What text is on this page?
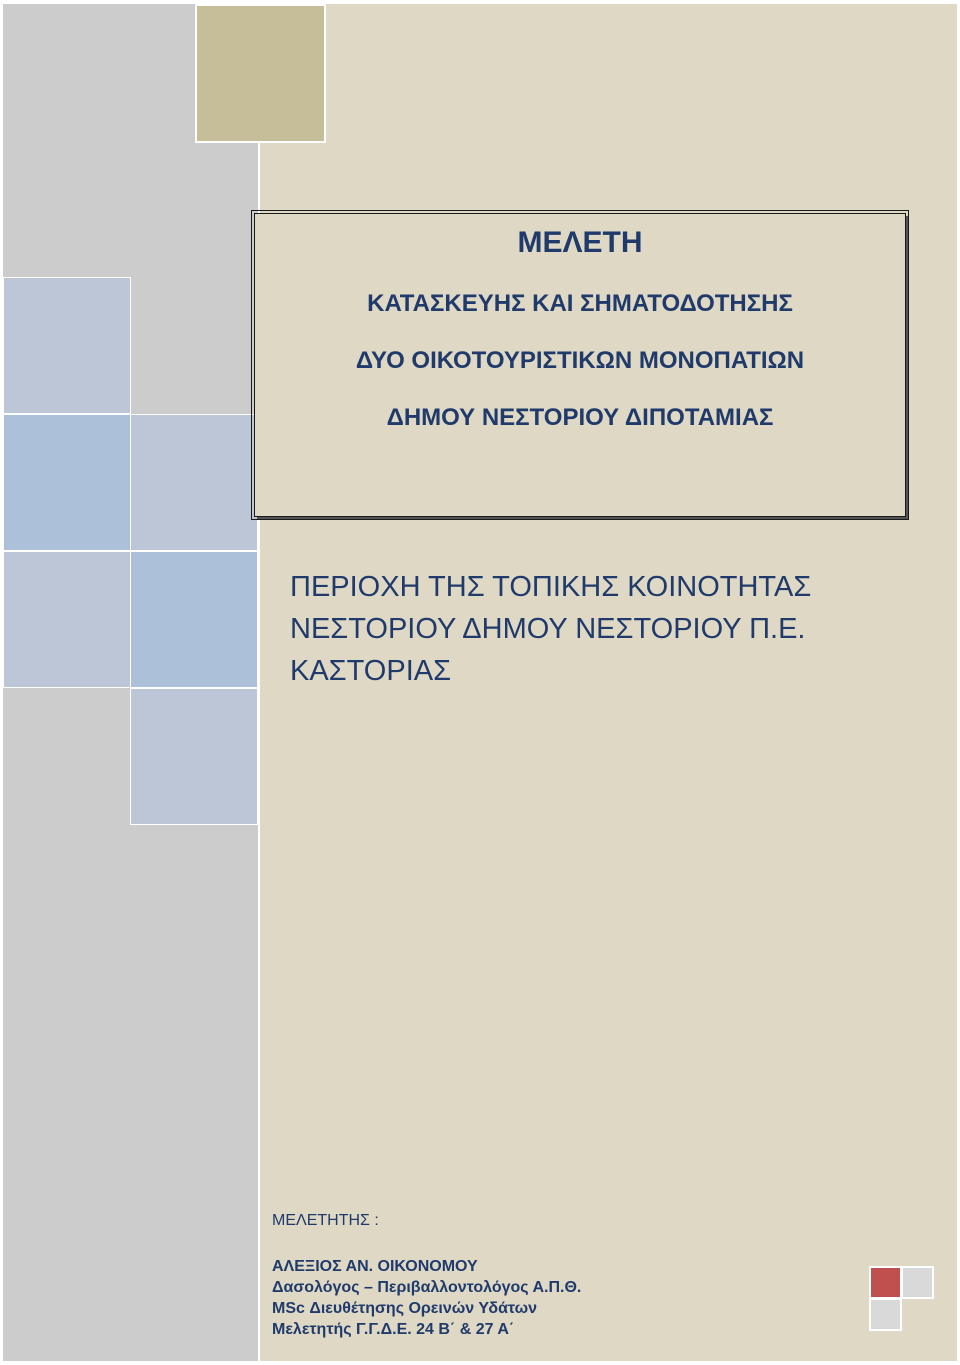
ΜΕΛΕΤΗ
ΚΑΤΑΣΚΕΥΗΣ ΚΑΙ ΣΗΜΑΤΟΔΟΤΗΣΗΣ
ΔΥΟ ΟΙΚΟΤΟΥΡΙΣΤΙΚΩΝ ΜΟΝΟΠΑΤΙΩΝ
ΔΗΜΟΥ ΝΕΣΤΟΡΙΟΥ ΔΙΠΟΤΑΜΙΑΣ
ΠΕΡΙΟΧΗ ΤΗΣ ΤΟΠΙΚΗΣ ΚΟΙΝΟΤΗΤΑΣ
ΝΕΣΤΟΡΙΟΥ ΔΗΜΟΥ ΝΕΣΤΟΡΙΟΥ Π.Ε.
ΚΑΣΤΟΡΙΑΣ
ΜΕΛΕΤΗΤΗΣ :
ΑΛΕΞΙΟΣ ΑΝ. ΟΙΚΟΝΟΜΟΥ
Δασολόγος – Περιβαλλοντολόγος Α.Π.Θ.
MSc Διευθέτησης Ορεινών Υδάτων
Μελετητής Γ.Γ.Δ.Ε. 24 Β΄ & 27 Α΄
